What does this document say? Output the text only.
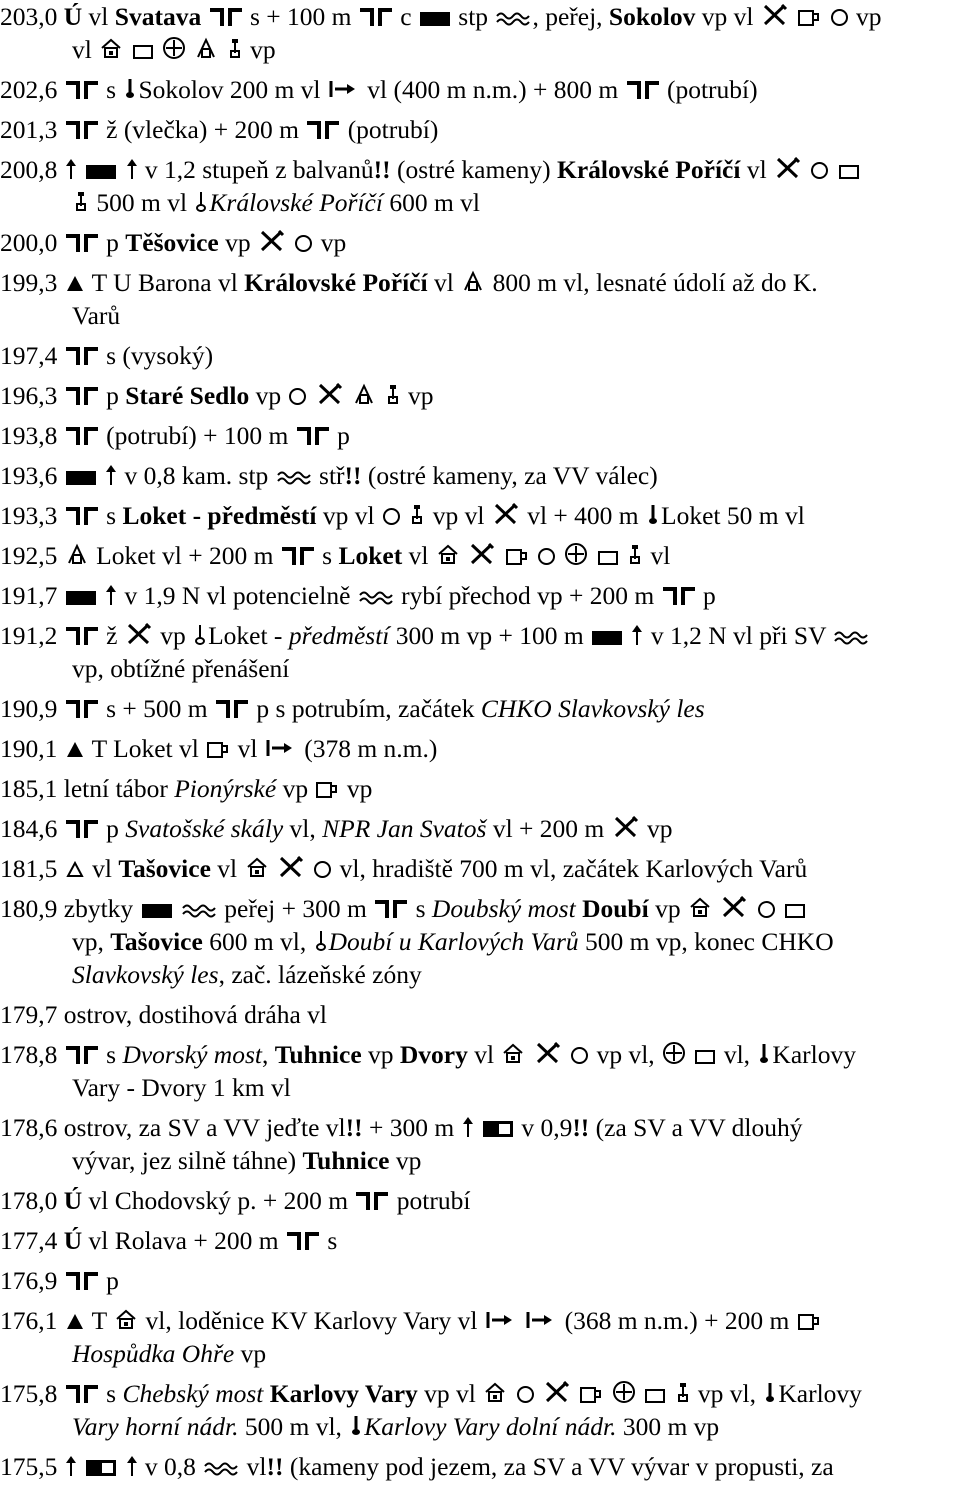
203,0 Ú vl Svatava  s + 100 m  c  stp , peřej, Sokolov vp vl	vp
vl	vp
202,6  s Sokolov 200 m vl  vl (400 m n.m.) + 800 m  (potrubí)
201,3  ž (vlečka) + 200 m  (potrubí)
200,8	v 1,2 stupeň z balvanů!! (ostré kameny) Královské Poříčí vl
500 m vl Královské Poříčí 600 m vl
200,0  p Těšovice vp   vp
199,3  T U Barona vl Královské Poříčí vl  800 m vl, lesnaté údolí až do K.
Varů
197,4  s (vysoký)
196,3  p Staré Sedlo vp	vp
193,8  (potrubí) + 100 m  p
193,6   v 0,8 kam. stp  stř!! (ostré kameny, za VV válec)
193,3  s Loket - předměstí vp vl   vp vl  vl + 400 m Loket 50 m vl
192,5  Loket vl + 200 m  s Loket vl	vl
191,7   v 1,9 N vl potencielně  rybí přechod vp + 200 m  p
191,2  ž  vp Loket - předměstí 300 m vp + 100 m   v 1,2 N vl při SV
vp, obtížné přenášení
190,9  s + 500 m  p s potrubím, začátek CHKO Slavkovský les
190,1  T Loket vl  vl  (378 m n.m.)
185,1 letní tábor Pionýrské vp  vp
184,6  p Svatošské skály vl, NPR Jan Svatoš vl + 200 m  vp
181,5  vl Tašovice vl	vl, hradiště 700 m vl, začátek Karlových Varů
180,9 zbytky	peřej + 300 m  s Doubský most Doubí vp
vp, Tašovice 600 m vl, Doubí u Karlových Varů 500 m vp, konec CHKO
Slavkovský les, zač. lázeňské zóny
179,7 ostrov, dostihová dráha vl
178,8  s Dvorský most, Tuhnice vp Dvory vl	vp vl,   vl, Karlovy
Vary - Dvory 1 km vl
178,6 ostrov, za SV a VV jeďte vl!! + 300 m   v 0,9!! (za SV a VV dlouhý
vývar, jez silně táhne) Tuhnice vp
178,0 Ú vl Chodovský p. + 200 m  potrubí
177,4 Ú vl Rolava + 200 m  s
176,9  p
176,1  T  vl, loděnice KV Karlovy Vary vl	(368 m n.m.) + 200 m
Hospůdka Ohře vp
175,8  s Chebský most Karlovy Vary vp vl	vp vl, Karlovy
Vary horní nádr. 500 m vl, Karlovy Vary dolní nádr. 300 m vp
175,5	v 0,8  vl!! (kameny pod jezem, za SV a VV vývar v propusti, za
